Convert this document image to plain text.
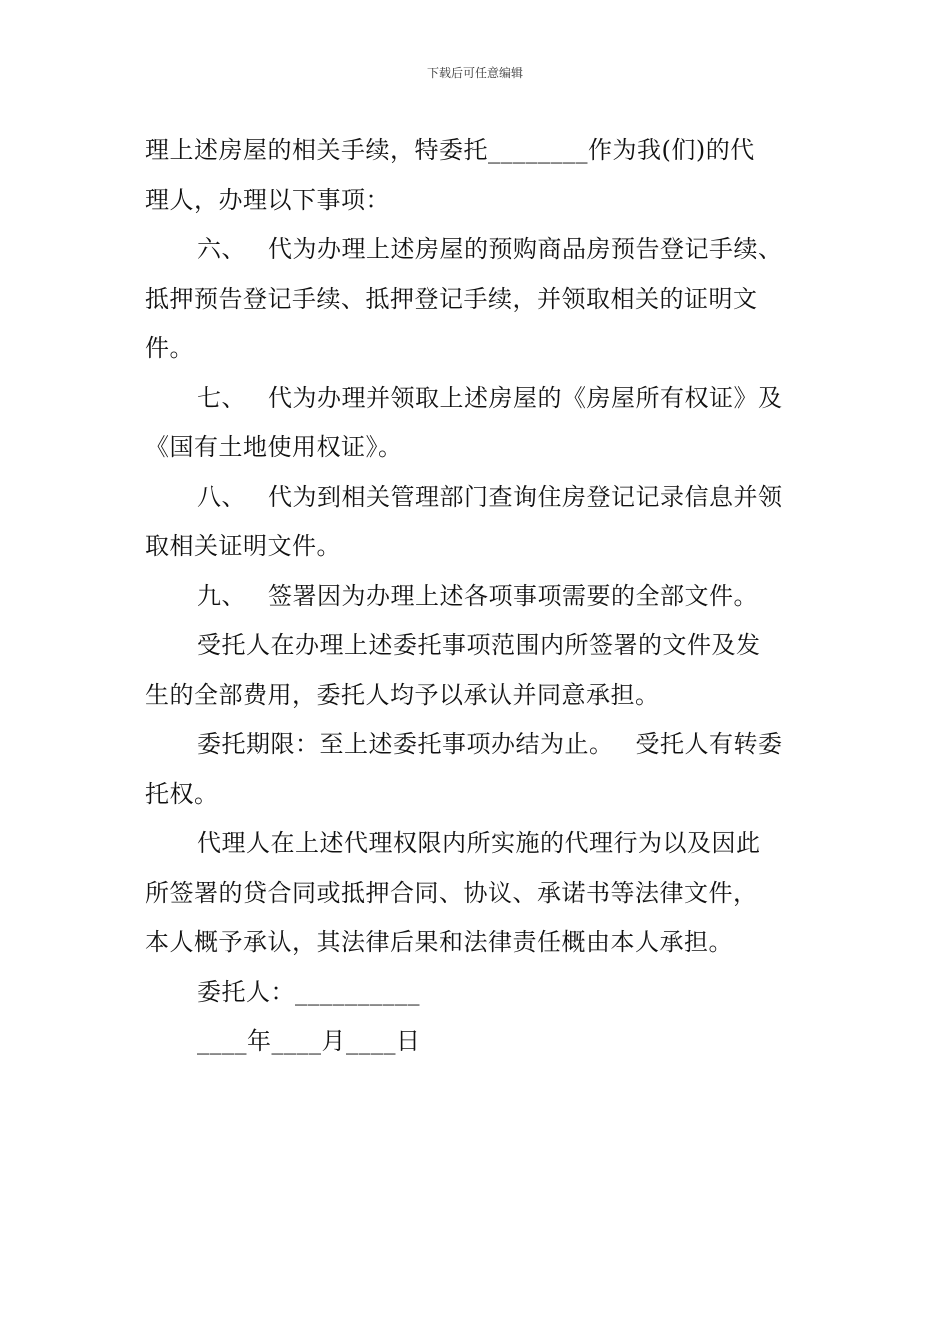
下载后可任意编辑
理上述房屋的相关手续，特委托________作为我(们)的代
理人，办理以下事项：
六、 代为办理上述房屋的预购商品房预告登记手续、
抵押预告登记手续、抵押登记手续，并领取相关的证明文
件。
七、 代为办理并领取上述房屋的《房屋所有权证》及
《国有土地使用权证》。
八、 代为到相关管理部门查询住房登记记录信息并领
取相关证明文件。
九、 签署因为办理上述各项事项需要的全部文件。
受托人在办理上述委托事项范围内所签署的文件及发
生的全部费用，委托人均予以承认并同意承担。
委托期限：至上述委托事项办结为止。 受托人有转委
托权。
代理人在上述代理权限内所实施的代理行为以及因此
所签署的贷合同或抵押合同、协议、承诺书等法律文件，
本人概予承认，其法律后果和法律责任概由本人承担。
委托人：__________
____年____月____日
